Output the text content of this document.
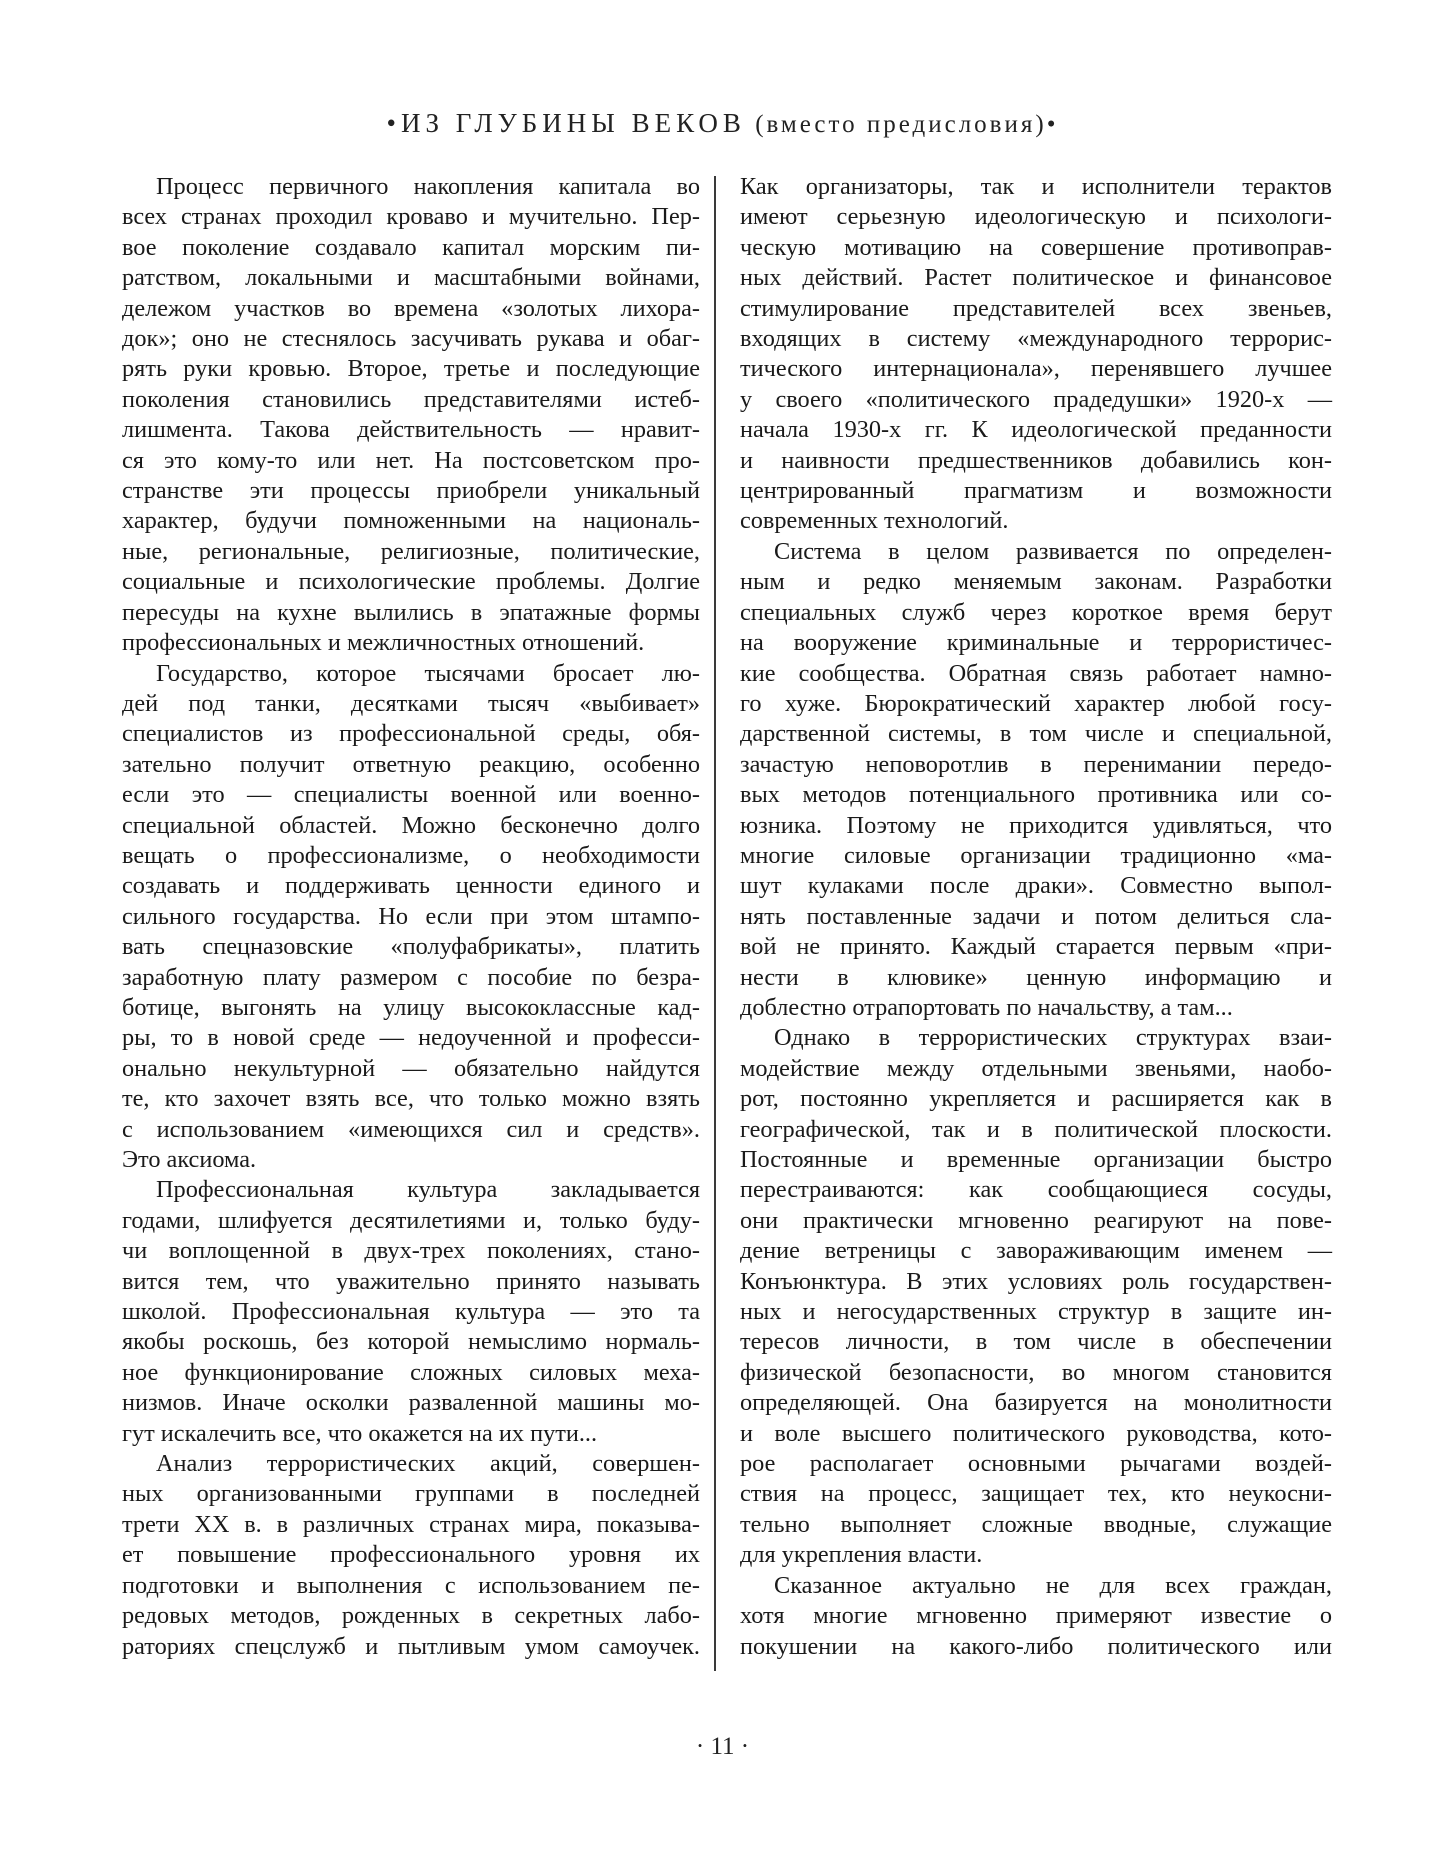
•ИЗ ГЛУБИНЫ ВЕКОВ (вместо предисловия)•
Процесс первичного накопления капитала во
всех странах проходил кроваво и мучительно. Пер-
вое поколение создавало капитал морским пи-
ратством, локальными и масштабными войнами,
дележом участков во времена «золотых лихора-
док»; оно не стеснялось засучивать рукава и обаг-
рять руки кровью. Второе, третье и последующие
поколения становились представителями истеб-
лишмента. Такова действительность — нравит-
ся это кому-то или нет. На постсоветском про-
странстве эти процессы приобрели уникальный
характер, будучи помноженными на националь-
ные, региональные, религиозные, политические,
социальные и психологические проблемы. Долгие
пересуды на кухне вылились в эпатажные формы
профессиональных и межличностных отношений.
Государство, которое тысячами бросает лю-
дей под танки, десятками тысяч «выбивает»
специалистов из профессиональной среды, обя-
зательно получит ответную реакцию, особенно
если это — специалисты военной или военно-
специальной областей. Можно бесконечно долго
вещать о профессионализме, о необходимости
создавать и поддерживать ценности единого и
сильного государства. Но если при этом штампо-
вать спецназовские «полуфабрикаты», платить
заработную плату размером с пособие по безра-
ботице, выгонять на улицу высококлассные кад-
ры, то в новой среде — недоученной и професси-
онально некультурной — обязательно найдутся
те, кто захочет взять все, что только можно взять
с использованием «имеющихся сил и средств».
Это аксиома.
Профессиональная культура закладывается
годами, шлифуется десятилетиями и, только буду-
чи воплощенной в двух-трех поколениях, стано-
вится тем, что уважительно принято называть
школой. Профессиональная культура — это та
якобы роскошь, без которой немыслимо нормаль-
ное функционирование сложных силовых меха-
низмов. Иначе осколки разваленной машины мо-
гут искалечить все, что окажется на их пути...
Анализ террористических акций, совершен-
ных организованными группами в последней
трети XX в. в различных странах мира, показыва-
ет повышение профессионального уровня их
подготовки и выполнения с использованием пе-
редовых методов, рожденных в секретных лабо-
раториях спецслужб и пытливым умом самоучек.
Как организаторы, так и исполнители терактов
имеют серьезную идеологическую и психологи-
ческую мотивацию на совершение противоправ-
ных действий. Растет политическое и финансовое
стимулирование представителей всех звеньев,
входящих в систему «международного террорис-
тического интернационала», перенявшего лучшее
у своего «политического прадедушки» 1920-х —
начала 1930-х гг. К идеологической преданности
и наивности предшественников добавились кон-
центрированный прагматизм и возможности
современных технологий.
Система в целом развивается по определен-
ным и редко меняемым законам. Разработки
специальных служб через короткое время берут
на вооружение криминальные и террористичес-
кие сообщества. Обратная связь работает намно-
го хуже. Бюрократический характер любой госу-
дарственной системы, в том числе и специальной,
зачастую неповоротлив в перенимании передо-
вых методов потенциального противника или со-
юзника. Поэтому не приходится удивляться, что
многие силовые организации традиционно «ма-
шут кулаками после драки». Совместно выпол-
нять поставленные задачи и потом делиться сла-
вой не принято. Каждый старается первым «при-
нести в клювике» ценную информацию и
доблестно отрапортовать по начальству, а там...
Однако в террористических структурах взаи-
модействие между отдельными звеньями, наобо-
рот, постоянно укрепляется и расширяется как в
географической, так и в политической плоскости.
Постоянные и временные организации быстро
перестраиваются: как сообщающиеся сосуды,
они практически мгновенно реагируют на пове-
дение ветреницы с завораживающим именем —
Конъюнктура. В этих условиях роль государствен-
ных и негосударственных структур в защите ин-
тересов личности, в том числе в обеспечении
физической безопасности, во многом становится
определяющей. Она базируется на монолитности
и воле высшего политического руководства, кото-
рое располагает основными рычагами воздей-
ствия на процесс, защищает тех, кто неукосни-
тельно выполняет сложные вводные, служащие
для укрепления власти.
Сказанное актуально не для всех граждан,
хотя многие мгновенно примеряют известие о
покушении на какого-либо политического или
· 11 ·
